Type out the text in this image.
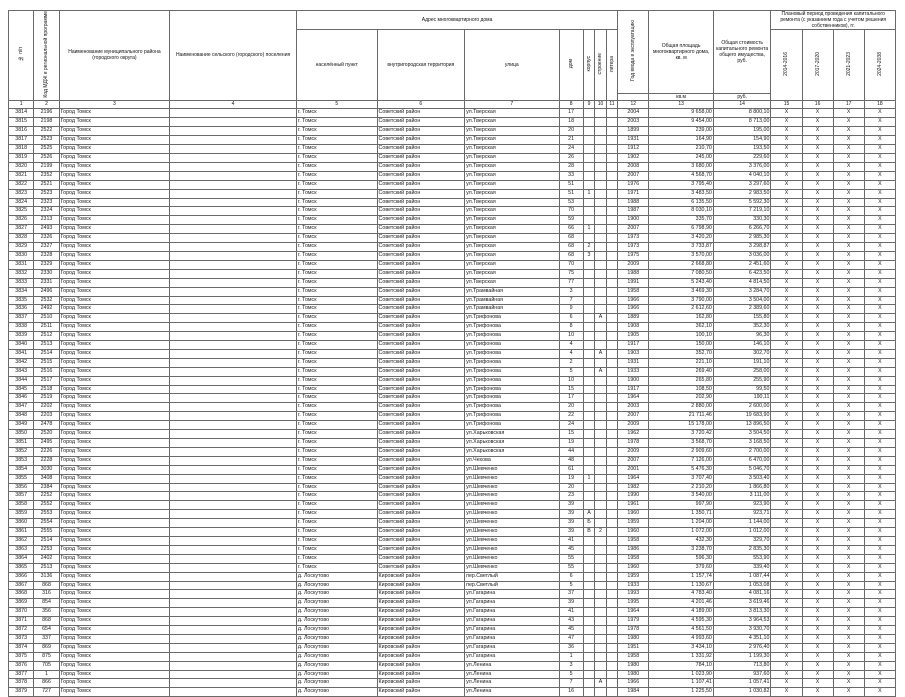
№ п/п	Код МДЖ в региональной программе	Наименование муниципального района (городского округа)	Наименование сельского (городского) поселения	Адрес многоквартирного дома							Год ввода в эксплуатацию	Общая площадь многоквартирного дома, кв. м	Общая стоимость капитального ремонта общего имущества, руб.	Плановый период проведения капитального ремонта (с указанием года с учетом решения собственников), гг.			
				населённый пункт	внутригородская территория	улица	дом	корпус	строение	литера				2014-2016	2017-2020	2021-2023	2024-2038
												кв.м	руб.				
1	2	3	4	5	6	7	8	9	10	11	12	13	14	15	16	17	18
3814	2196	Город Томск		г. Томск	Советский район	ул.Тверская	17				2004	9 658,00	8 800,10	X	X	X	X
3815	2198	Город Томск		г. Томск	Советский район	ул.Тверская	18				2003	9 454,00	8 713,00	X	X	X	X
3816	2522	Город Томск		г. Томск	Советский район	ул.Тверская	20				1899	239,00	195,00	X	X	X	X
3817	2523	Город Томск		г. Томск	Советский район	ул.Тверская	21				1931	164,90	154,90	X	X	X	X
3818	2525	Город Томск		г. Томск	Советский район	ул.Тверская	24				1912	210,70	193,50	X	X	X	X
3819	2526	Город Томск		г. Томск	Советский район	ул.Тверская	26				1902	245,00	229,60	X	X	X	X
3820	2199	Город Томск		г. Томск	Советский район	ул.Тверская	28				2008	3 680,00	3 376,00	X	X	X	X
3821	2352	Город Томск		г. Томск	Советский район	ул.Тверская	33				2007	4 568,70	4 040,10	X	X	X	X
3822	2521	Город Томск		г. Томск	Советский район	ул.Тверская	51				1976	3 795,40	3 297,60	X	X	X	X
3823	2523	Город Томск		г. Томск	Советский район	ул.Тверская	51	1			1971	3 483,50	2 983,50	X	X	X	X
3824	2323	Город Томск		г. Томск	Советский район	ул.Тверская	53				1988	6 135,50	5 592,30	X	X	X	X
3825	2324	Город Томск		г. Томск	Советский район	ул.Тверская	70				1987	8 030,10	7 219,10	X	X	X	X
3826	2313	Город Томск		г. Томск	Советский район	ул.Тверская	59				1900	335,70	330,30	X	X	X	X
3827	2493	Город Томск		г. Томск	Советский район	ул.Тверская	66	1			2007	6 798,90	6 266,70	X	X	X	X
3828	2326	Город Томск		г. Томск	Советский район	ул.Тверская	68				1973	3 420,20	2 985,30	X	X	X	X
3829	2327	Город Томск		г. Томск	Советский район	ул.Тверская	68	2			1973	3 733,87	3 298,87	X	X	X	X
3830	2328	Город Томск		г. Томск	Советский район	ул.Тверская	68	3			1975	3 570,00	3 036,00	X	X	X	X
3831	2329	Город Томск		г. Томск	Советский район	ул.Тверская	70				2009	2 668,80	2 451,60	X	X	X	X
3832	2330	Город Томск		г. Томск	Советский район	ул.Тверская	75				1988	7 080,50	6 423,50	X	X	X	X
3833	2331	Город Томск		г. Томск	Советский район	ул.Тверская	77				1991	5 243,40	4 814,50	X	X	X	X
3834	2496	Город Томск		г. Томск	Советский район	ул.Трамвайная	3				1958	3 469,30	3 284,70	X	X	X	X
3835	2532	Город Томск		г. Томск	Советский район	ул.Трамвайная	7				1966	3 790,00	3 504,00	X	X	X	X
3836	2492	Город Томск		г. Томск	Советский район	ул.Трамвайная	9				1966	2 612,60	2 389,60	X	X	X	X
3837	2510	Город Томск		г. Томск	Советский район	ул.Трифонова	6		А		1889	162,80	155,80	X	X	X	X
3838	2511	Город Томск		г. Томск	Советский район	ул.Трифонова	8				1908	362,10	352,30	X	X	X	X
3839	2512	Город Томск		г. Томск	Советский район	ул.Трифонова	10				1905	100,10	96,30	X	X	X	X
3840	2513	Город Томск		г. Томск	Советский район	ул.Трифонова	4				1917	150,00	146,10	X	X	X	X
3841	2514	Город Томск		г. Томск	Советский район	ул.Трифонова	4		А		1903	352,70	302,70	X	X	X	X
3842	2515	Город Томск		г. Томск	Советский район	ул.Трифонова	2				1931	221,10	191,10	X	X	X	X
3843	2516	Город Томск		г. Томск	Советский район	ул.Трифонова	5		А		1933	269,40	258,00	X	X	X	X
3844	2517	Город Томск		г. Томск	Советский район	ул.Трифонова	10				1900	265,80	255,90	X	X	X	X
3845	2518	Город Томск		г. Томск	Советский район	ул.Трифонова	15				1917	108,50	99,50	X	X	X	X
3846	2519	Город Томск		г. Томск	Советский район	ул.Трифонова	17				1964	202,90	190,11	X	X	X	X
3847	2202	Город Томск		г. Томск	Советский район	ул.Трифонова	20				2003	2 880,00	2 600,00	X	X	X	X
3848	2203	Город Томск		г. Томск	Советский район	ул.Трифонова	22				2007	21 711,46	19 683,90	X	X	X	X
3849	2478	Город Томск		г. Томск	Советский район	ул.Трифонова	24				2009	15 178,00	13 896,50	X	X	X	X
3850	2520	Город Томск		г. Томск	Советский район	ул.Харьковская	15				1962	3 720,42	3 504,50	X	X	X	X
3851	2495	Город Томск		г. Томск	Советский район	ул.Харьковская	19				1978	3 568,70	3 168,50	X	X	X	X
3852	2226	Город Томск		г. Томск	Советский район	ул.Харьковская	44				2009	2 909,60	2 700,00	X	X	X	X
3853	2228	Город Томск		г. Томск	Советский район	ул.Чехова	48				2007	7 126,00	6 470,00	X	X	X	X
3854	3030	Город Томск		г. Томск	Советский район	ул.Шевченко	61				2001	5 476,30	5 046,70	X	X	X	X
3855	3408	Город Томск		г. Томск	Советский район	ул.Шевченко	19	1			1964	3 707,40	3 503,40	X	X	X	X
3856	2384	Город Томск		г. Томск	Советский район	ул.Шевченко	20				1982	2 210,20	1 866,80	X	X	X	X
3857	2252	Город Томск		г. Томск	Советский район	ул.Шевченко	23				1990	3 540,00	3 111,00	X	X	X	X
3858	2552	Город Томск		г. Томск	Советский район	ул.Шевченко	39				1961	997,90	923,90	X	X	X	X
3859	2553	Город Томск		г. Томск	Советский район	ул.Шевченко	39	А			1960	1 350,71	923,71	X	X	X	X
3860	2554	Город Томск		г. Томск	Советский район	ул.Шевченко	39	Б			1959	1 204,00	1 144,00	X	X	X	X
3861	2555	Город Томск		г. Томск	Советский район	ул.Шевченко	39	В	2		1960	1 072,00	1 012,00	X	X	X	X
3862	2514	Город Томск		г. Томск	Советский район	ул.Шевченко	41				1958	432,30	329,70	X	X	X	X
3863	2253	Город Томск		г. Томск	Советский район	ул.Шевченко	45				1986	3 238,70	2 835,30	X	X	X	X
3864	2402	Город Томск		г. Томск	Советский район	ул.Шевченко	55				1958	596,30	553,90	X	X	X	X
3865	2513	Город Томск		г. Томск	Советский район	ул.Шевченко	55				1960	379,60	339,40	X	X	X	X
3866	3136	Город Томск		д. Лоскутово	Кировский район	пер.Светлый	6				1959	1 157,74	1 087,44	X	X	X	X
3867	868	Город Томск		д. Лоскутово	Кировский район	пер.Светлый	5				1933	1 130,67	1 053,08	X	X	X	X
3868	316	Город Томск		д. Лоскутово	Кировский район	ул.Гагарина	37				1993	4 783,40	4 081,16	X	X	X	X
3869	854	Город Томск		д. Лоскутово	Кировский район	ул.Гагарина	39				1995	4 201,46	3 619,46	X	X	X	X
3870	356	Город Томск		д. Лоскутово	Кировский район	ул.Гагарина	41				1964	4 189,00	3 813,30	X	X	X	X
3871	868	Город Томск		д. Лоскутово	Кировский район	ул.Гагарина	43				1979	4 595,30	3 964,53	X	X	X	X
3872	654	Город Томск		д. Лоскутово	Кировский район	ул.Гагарина	45				1978	4 561,50	3 930,70	X	X	X	X
3873	337	Город Томск		д. Лоскутово	Кировский район	ул.Гагарина	47				1980	4 993,60	4 351,10	X	X	X	X
3874	869	Город Томск		д. Лоскутово	Кировский район	ул.Гагарина	36				1951	3 434,10	2 976,40	X	X	X	X
3875	875	Город Томск		д. Лоскутово	Кировский район	ул.Гагарина	1				1958	1 331,92	1 199,30	X	X	X	X
3876	705	Город Томск		д. Лоскутово	Кировский район	ул.Ленина	3				1980	784,10	713,80	X	X	X	X
3877	1	Город Томск		д. Лоскутово	Кировский район	ул.Ленина	5				1980	1 023,90	937,60	X	X	X	X
3878	866	Город Томск		д. Лоскутово	Кировский район	ул.Ленина	7		А		1966	1 107,41	1 057,41	X	X	X	X
3879	727	Город Томск		д. Лоскутово	Кировский район	ул.Ленина	16				1984	1 225,50	1 030,82	X	X	X	X
